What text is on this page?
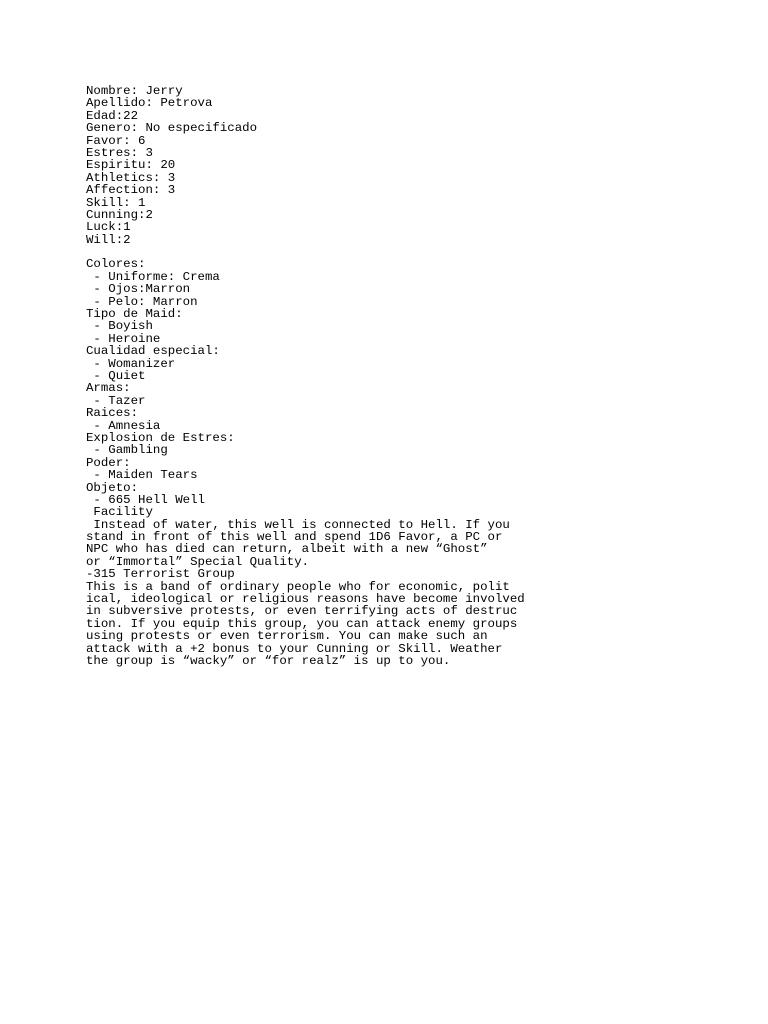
Nombre: Jerry
Apellido: Petrova
Edad:22
Genero: No especificado
Favor: 6
Estres: 3
Espiritu: 20
Athletics: 3
Affection: 3
Skill: 1
Cunning:2
Luck:1
Will:2
Colores:
- Uniforme: Crema
- Ojos:Marron
- Pelo: Marron
Tipo de Maid:
- Boyish
- Heroine
Cualidad especial:
- Womanizer
- Quiet
Armas:
- Tazer
Raices:
- Amnesia
Explosion de Estres:
- Gambling
Poder:
- Maiden Tears
Objeto:
- 665 Hell Well
Facility
Instead of water, this well is connected to Hell. If you
stand in front of this well and spend 1D6 Favor, a PC or
NPC who has died can return, albeit with a new “Ghost”
or “Immortal” Special Quality.
-315 Terrorist Group
This is a band of ordinary people who for economic, polit
ical, ideological or religious reasons have become involved
in subversive protests, or even terrifying acts of destruc
tion. If you equip this group, you can attack enemy groups
using protests or even terrorism. You can make such an
attack with a +2 bonus to your Cunning or Skill. Weather
the group is “wacky” or “for realz” is up to you.
